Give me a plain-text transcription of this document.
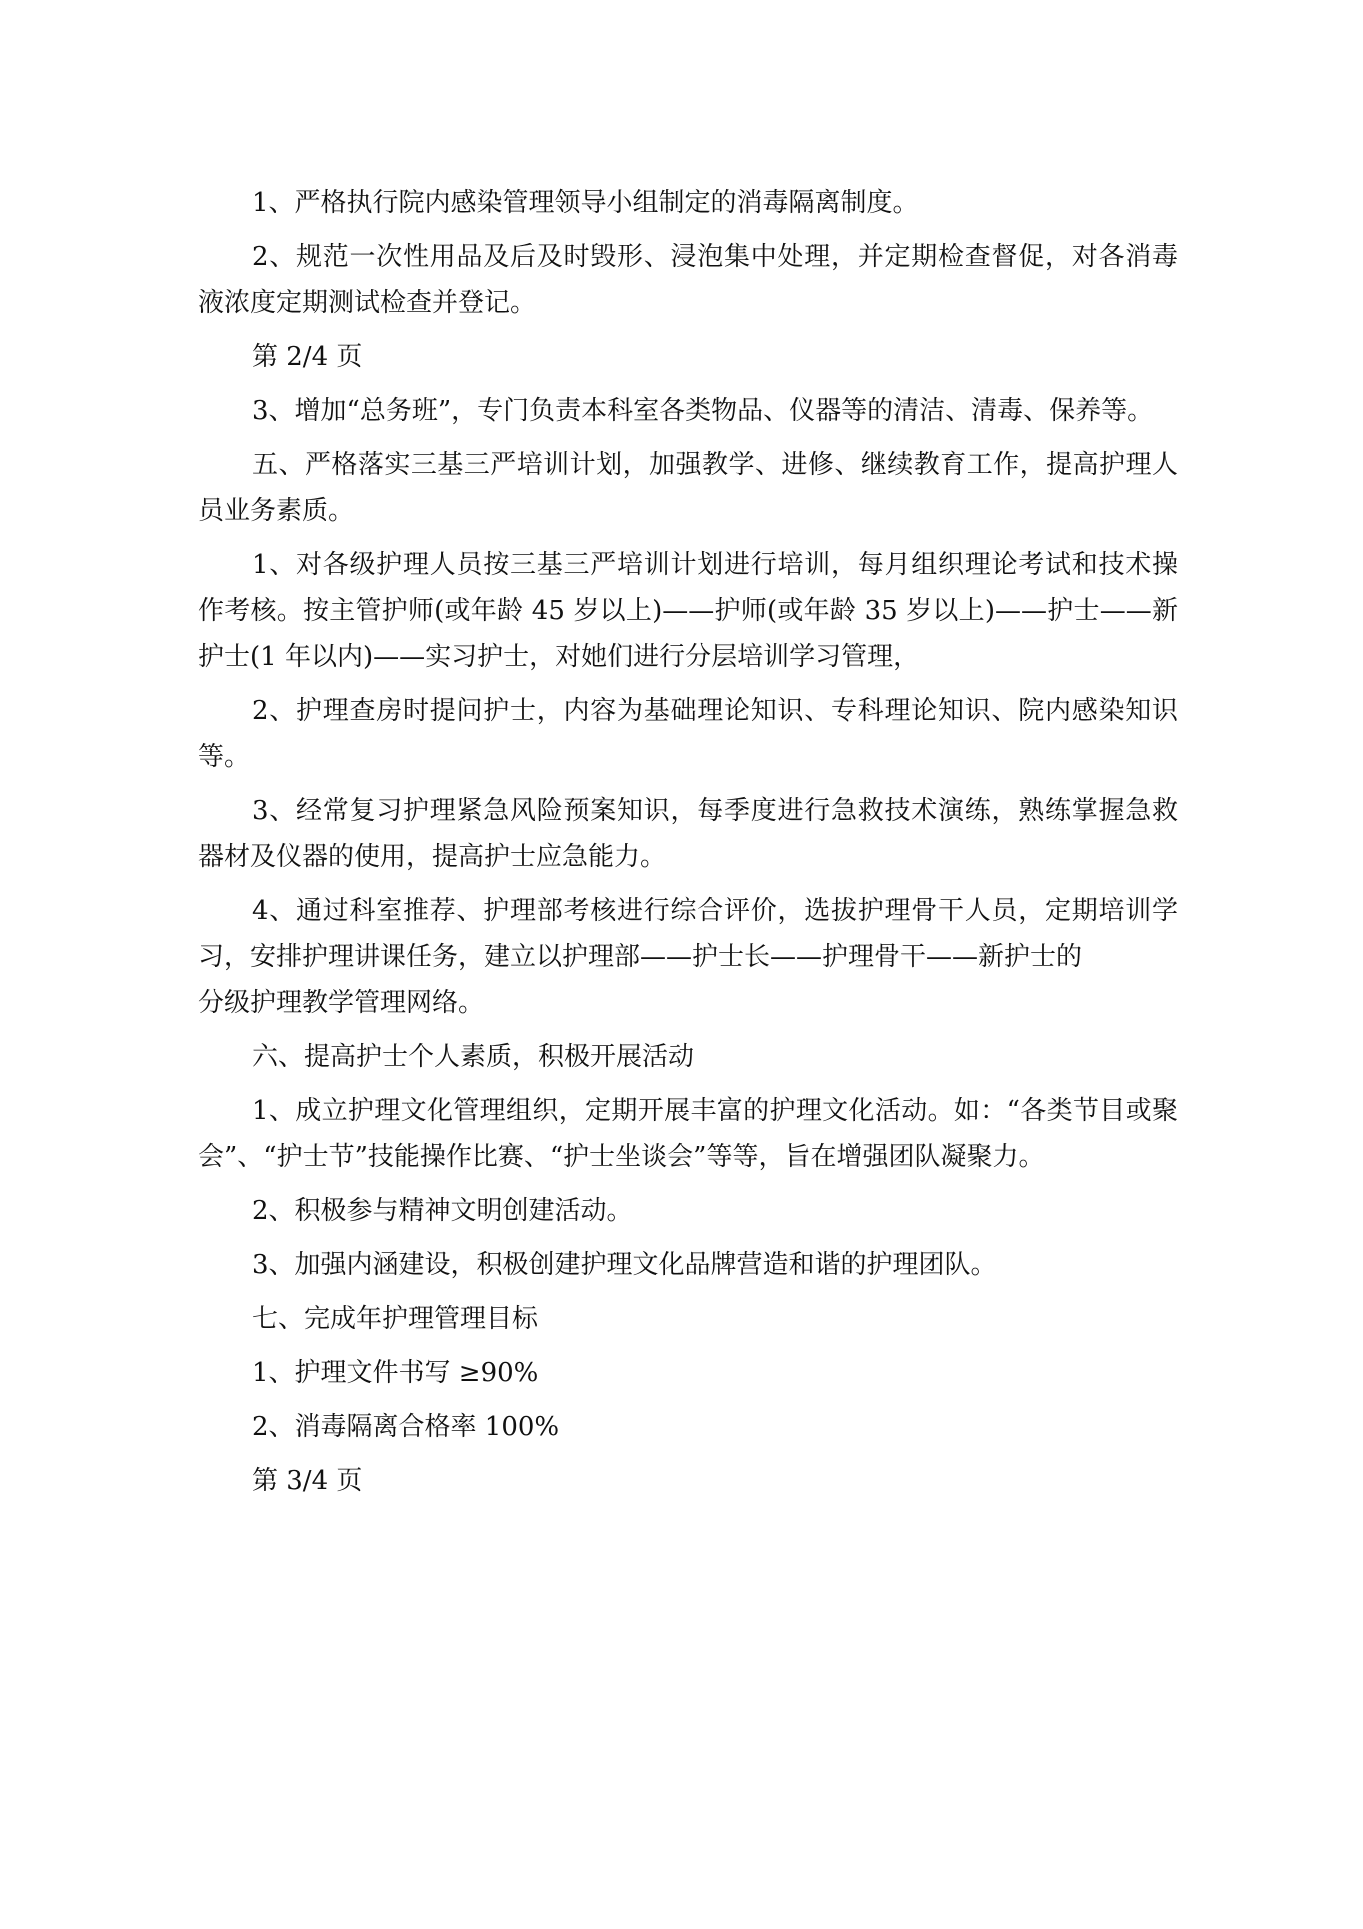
1、严格执行院内感染管理领导小组制定的消毒隔离制度。

2、规范一次性用品及后及时毁形、浸泡集中处理，并定期检查督促，对各消毒液浓度定期测试检查并登记。

第 2/4 页

3、增加“总务班”，专门负责本科室各类物品、仪器等的清洁、清毒、保养等。

五、严格落实三基三严培训计划，加强教学、进修、继续教育工作，提高护理人员业务素质。

1、对各级护理人员按三基三严培训计划进行培训，每月组织理论考试和技术操作考核。按主管护师(或年龄 45 岁以上)——护师(或年龄 35 岁以上)——护士——新护士(1 年以内)——实习护士，对她们进行分层培训学习管理，

2、护理查房时提问护士，内容为基础理论知识、专科理论知识、院内感染知识等。

3、经常复习护理紧急风险预案知识，每季度进行急救技术演练，熟练掌握急救器材及仪器的使用，提高护士应急能力。

4、通过科室推荐、护理部考核进行综合评价，选拔护理骨干人员，定期培训学习，安排护理讲课任务，建立以护理部——护士长——护理骨干——新护士的

分级护理教学管理网络。

六、提高护士个人素质，积极开展活动

1、成立护理文化管理组织，定期开展丰富的护理文化活动。如：“各类节目或聚会”、“护士节”技能操作比赛、“护士坐谈会”等等，旨在增强团队凝聚力。

2、积极参与精神文明创建活动。

3、加强内涵建设，积极创建护理文化品牌营造和谐的护理团队。

七、完成年护理管理目标

1、护理文件书写 ≥90%

2、消毒隔离合格率 100%

第 3/4 页
